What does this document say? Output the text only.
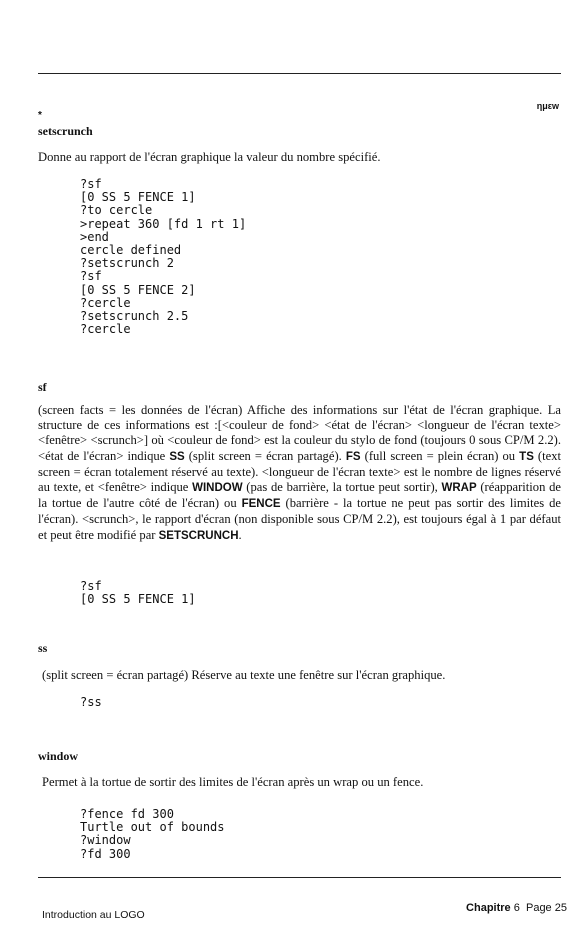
*
ημεw
setscrunch
Donne au rapport de l'écran graphique la valeur du nombre spécifié.
?sf
[0 SS 5 FENCE 1]
?to cercle
>repeat 360 [fd 1 rt 1]
>end
cercle defined
?setscrunch 2
?sf
[0 SS 5 FENCE 2]
?cercle
?setscrunch 2.5
?cercle
sf
(screen facts = les données de l'écran) Affiche des informations sur l'état de l'écran graphique. La structure de ces informations est :[<couleur de fond> <état de l'écran> <longueur de l'écran texte> <fenêtre> <scrunch>] où <couleur de fond> est la couleur du stylo de fond (toujours 0 sous CP/M 2.2). <état de l'écran> indique SS (split screen = écran partagé). FS (full screen = plein écran) ou TS (text screen = écran totalement réservé au texte). <longueur de l'écran texte> est le nombre de lignes réservé au texte, et <fenêtre> indique WINDOW (pas de barrière, la tortue peut sortir), WRAP (réapparition de la tortue de l'autre côté de l'écran) ou FENCE (barrière - la tortue ne peut pas sortir des limites de l'écran). <scrunch>, le rapport d'écran (non disponible sous CP/M 2.2), est toujours égal à 1 par défaut et peut être modifié par SETSCRUNCH.
?sf
[0 SS 5 FENCE 1]
ss
(split screen = écran partagé) Réserve au texte une fenêtre sur l'écran graphique.
?ss
window
Permet à la tortue de sortir des limites de l'écran après un wrap ou un fence.
?fence fd 300
Turtle out of bounds
?window
?fd 300
Introduction au LOGO
Chapitre 6 Page 25
